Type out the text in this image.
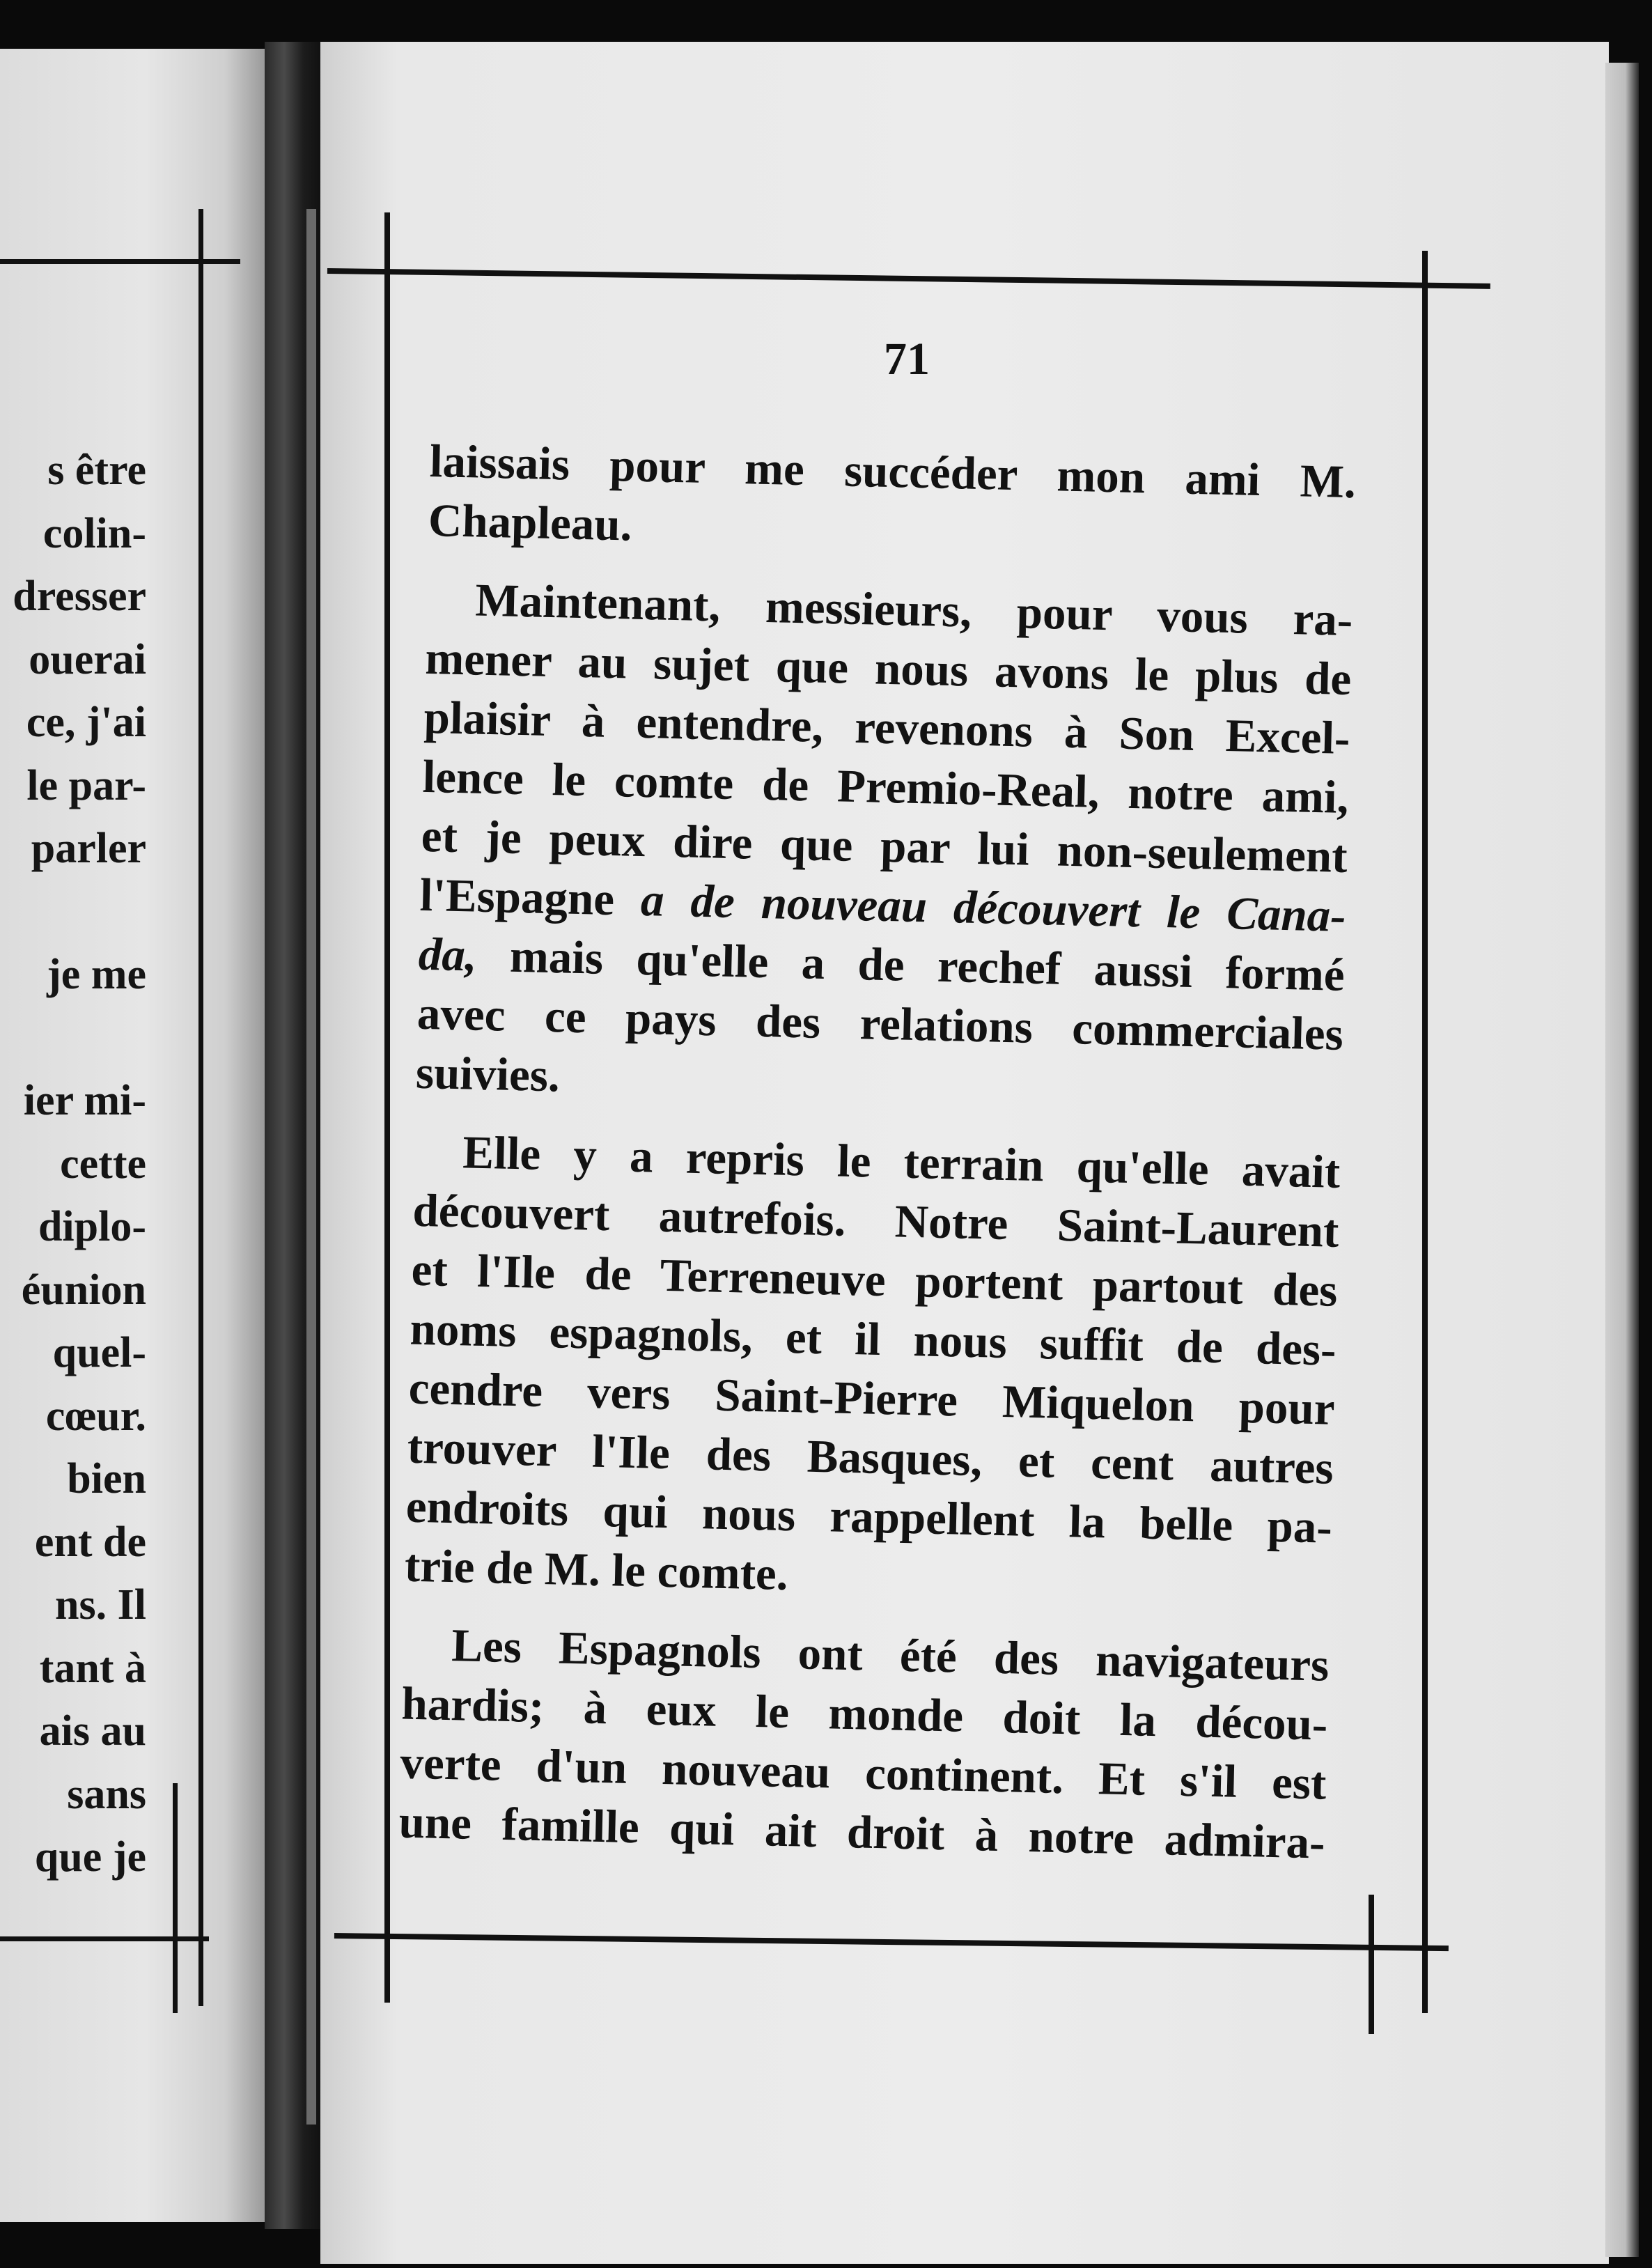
s être
colin-
dresser
ouerai
ce, j'ai
le par-
parler
je me
ier mi-
cette
diplo-
éunion
quel-
cœur.
bien
ent de
ns. Il
tant à
ais au
sans
que je
71
laissais pour me succéder mon ami M.
Chapleau.
Maintenant, messieurs, pour vous ra-
mener au sujet que nous avons le plus de
plaisir à entendre, revenons à Son Excel-
lence le comte de Premio-Real, notre ami,
et je peux dire que par lui non-seulement
l'Espagne a de nouveau découvert le Cana-
da, mais qu'elle a de rechef aussi formé
avec ce pays des relations commerciales
suivies.
Elle y a repris le terrain qu'elle avait
découvert autrefois. Notre Saint-Laurent
et l'Ile de Terreneuve portent partout des
noms espagnols, et il nous suffit de des-
cendre vers Saint-Pierre Miquelon pour
trouver l'Ile des Basques, et cent autres
endroits qui nous rappellent la belle pa-
trie de M. le comte.
Les Espagnols ont été des navigateurs
hardis; à eux le monde doit la décou-
verte d'un nouveau continent. Et s'il est
une famille qui ait droit à notre admira-
